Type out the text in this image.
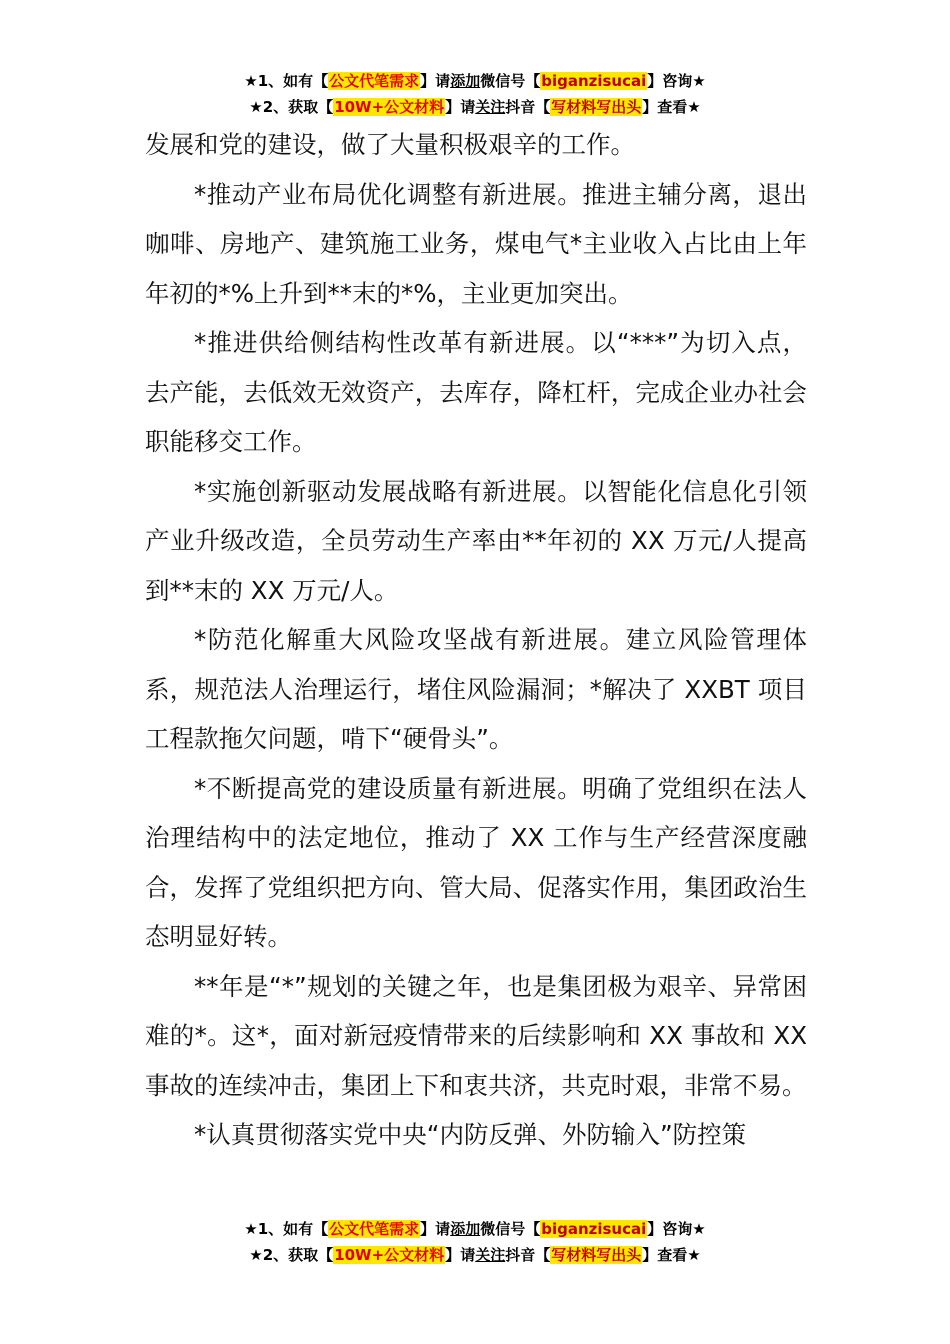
★1、如有【公文代笔需求】请添加微信号【biganzisucai】咨询★
★2、获取【10W+公文材料】请关注抖音【写材料写出头】查看★

发展和党的建设，做了大量积极艰辛的工作。

*推动产业布局优化调整有新进展。推进主辅分离，退出咖啡、房地产、建筑施工业务，煤电气*主业收入占比由上年年初的*%上升到**末的*%，主业更加突出。

*推进供给侧结构性改革有新进展。以“***”为切入点，去产能，去低效无效资产，去库存，降杠杆，完成企业办社会职能移交工作。

*实施创新驱动发展战略有新进展。以智能化信息化引领产业升级改造，全员劳动生产率由**年初的 XX 万元/人提高到**末的 XX 万元/人。

*防范化解重大风险攻坚战有新进展。建立风险管理体系，规范法人治理运行，堵住风险漏洞；*解决了 XXBT 项目工程款拖欠问题，啃下“硬骨头”。

*不断提高党的建设质量有新进展。明确了党组织在法人治理结构中的法定地位，推动了 XX 工作与生产经营深度融合，发挥了党组织把方向、管大局、促落实作用，集团政治生态明显好转。

**年是“*”规划的关键之年，也是集团极为艰辛、异常困难的*。这*，面对新冠疫情带来的后续影响和 XX 事故和 XX 事故的连续冲击，集团上下和衷共济，共克时艰，非常不易。

*认真贯彻落实党中央“内防反弹、外防输入”防控策

★1、如有【公文代笔需求】请添加微信号【biganzisucai】咨询★
★2、获取【10W+公文材料】请关注抖音【写材料写出头】查看★
